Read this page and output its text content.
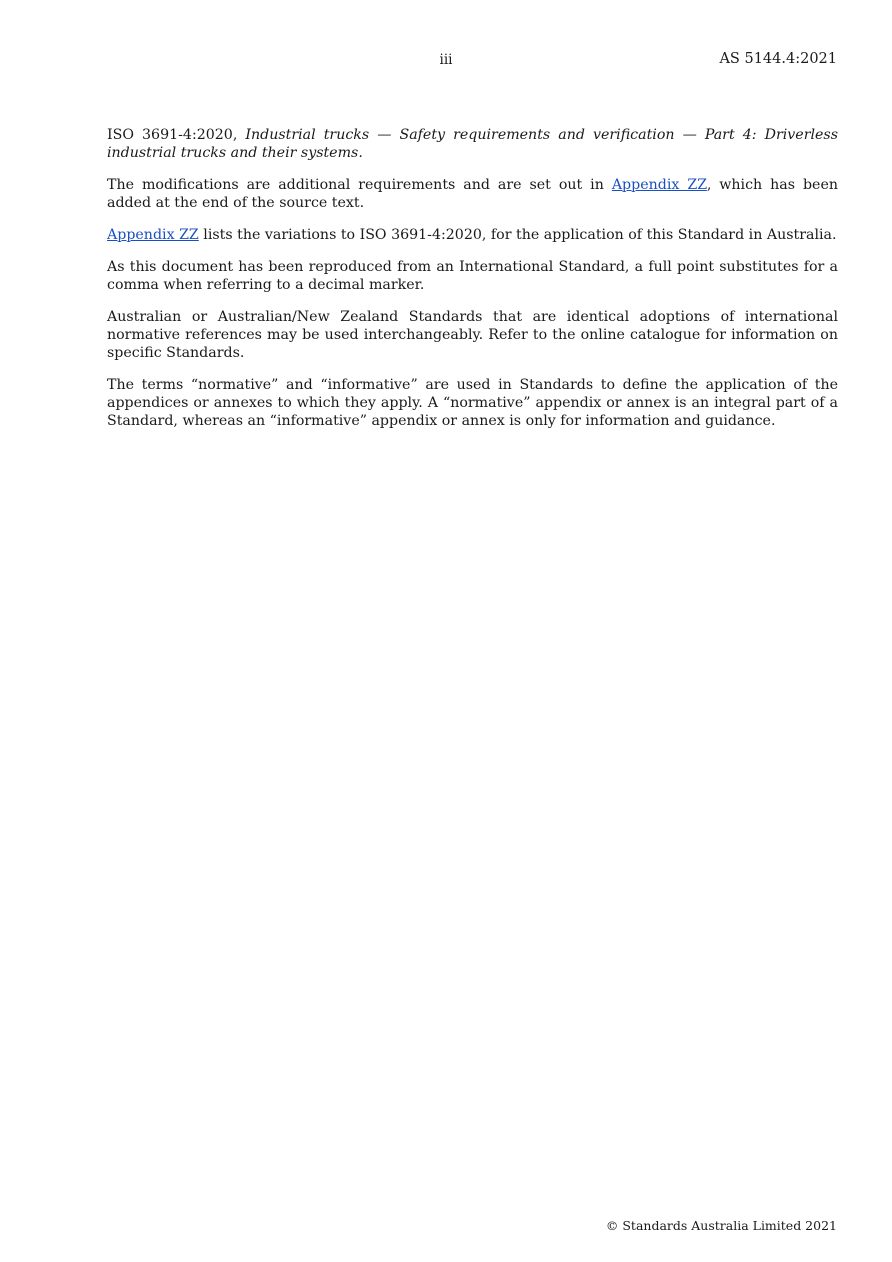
iii	AS 5144.4:2021

ISO 3691-4:2020, Industrial trucks — Safety requirements and verification — Part 4: Driverless industrial trucks and their systems.

The modifications are additional requirements and are set out in Appendix ZZ, which has been added at the end of the source text.

Appendix ZZ lists the variations to ISO 3691-4:2020, for the application of this Standard in Australia.

As this document has been reproduced from an International Standard, a full point substitutes for a comma when referring to a decimal marker.

Australian or Australian/New Zealand Standards that are identical adoptions of international normative references may be used interchangeably. Refer to the online catalogue for information on specific Standards.

The terms “normative” and “informative” are used in Standards to define the application of the appendices or annexes to which they apply. A “normative” appendix or annex is an integral part of a Standard, whereas an “informative” appendix or annex is only for information and guidance.

© Standards Australia Limited 2021
